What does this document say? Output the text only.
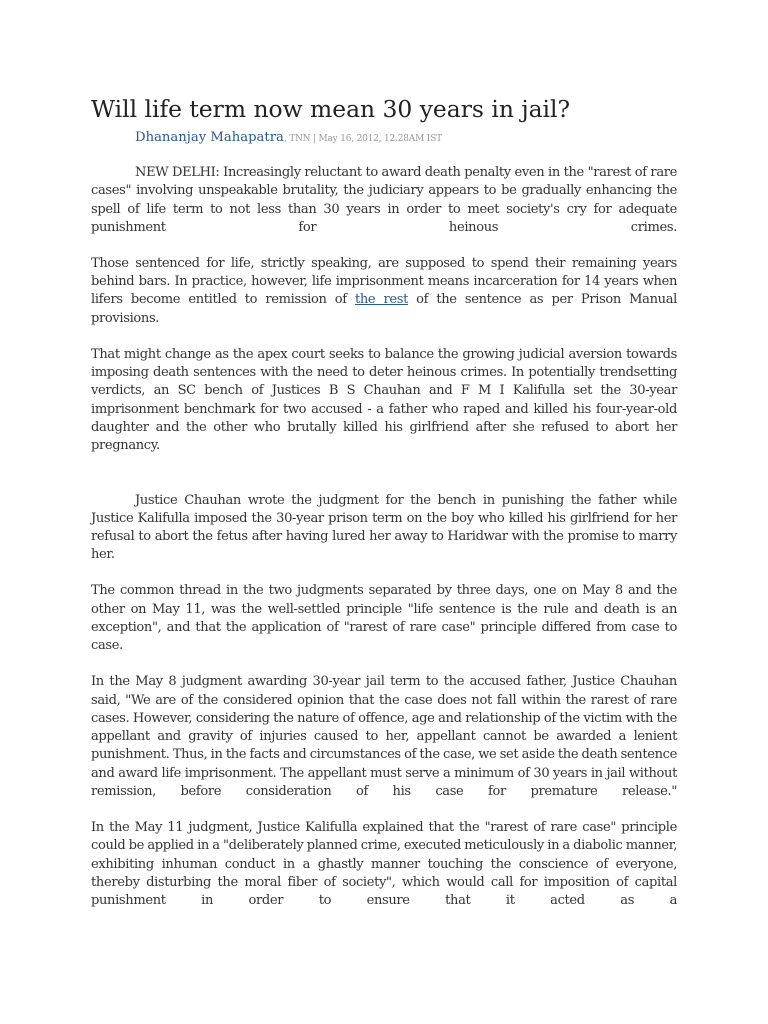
Will life term now mean 30 years in jail?
Dhananjay Mahapatra, TNN | May 16, 2012, 12.28AM IST

NEW DELHI: Increasingly reluctant to award death penalty even in the "rarest of rare cases" involving unspeakable brutality, the judiciary appears to be gradually enhancing the spell of life term to not less than 30 years in order to meet society's cry for adequate punishment for heinous crimes.

Those sentenced for life, strictly speaking, are supposed to spend their remaining years behind bars. In practice, however, life imprisonment means incarceration for 14 years when lifers become entitled to remission of the rest of the sentence as per Prison Manual provisions.

That might change as the apex court seeks to balance the growing judicial aversion towards imposing death sentences with the need to deter heinous crimes. In potentially trendsetting verdicts, an SC bench of Justices B S Chauhan and F M I Kalifulla set the 30-year imprisonment benchmark for two accused - a father who raped and killed his four-year-old daughter and the other who brutally killed his girlfriend after she refused to abort her pregnancy.

Justice Chauhan wrote the judgment for the bench in punishing the father while Justice Kalifulla imposed the 30-year prison term on the boy who killed his girlfriend for her refusal to abort the fetus after having lured her away to Haridwar with the promise to marry her.

The common thread in the two judgments separated by three days, one on May 8 and the other on May 11, was the well-settled principle "life sentence is the rule and death is an exception", and that the application of "rarest of rare case" principle differed from case to case.

In the May 8 judgment awarding 30-year jail term to the accused father, Justice Chauhan said, "We are of the considered opinion that the case does not fall within the rarest of rare cases. However, considering the nature of offence, age and relationship of the victim with the appellant and gravity of injuries caused to her, appellant cannot be awarded a lenient punishment. Thus, in the facts and circumstances of the case, we set aside the death sentence and award life imprisonment. The appellant must serve a minimum of 30 years in jail without remission, before consideration of his case for premature release."

In the May 11 judgment, Justice Kalifulla explained that the "rarest of rare case" principle could be applied in a "deliberately planned crime, executed meticulously in a diabolic manner, exhibiting inhuman conduct in a ghastly manner touching the conscience of everyone, thereby disturbing the moral fiber of society", which would call for imposition of capital punishment in order to ensure that it acted as a
